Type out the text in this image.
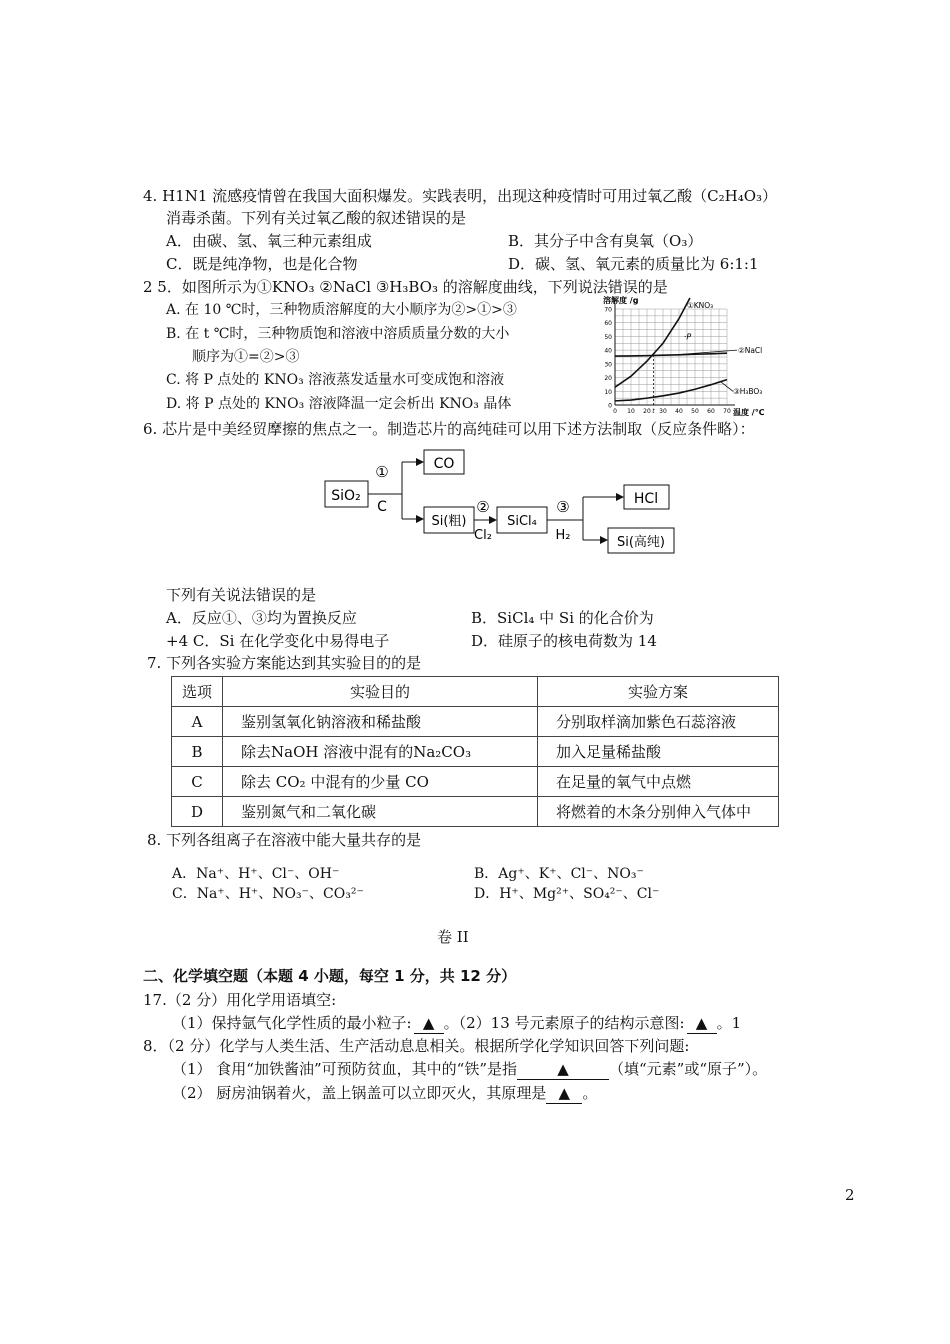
4. H1N1 流感疫情曾在我国大面积爆发。实践表明，出现这种疫情时可用过氧乙酸（C₂H₄O₃）
消毒杀菌。下列有关过氧乙酸的叙述错误的是
A．由碳、氢、氧三种元素组成	B．其分子中含有臭氧（O₃）
C．既是纯净物，也是化合物	D．碳、氢、氧元素的质量比为 6:1:1
2 5．如图所示为①KNO₃ ②NaCl ③H₃BO₃ 的溶解度曲线，下列说法错误的是
A. 在 10 ℃时，三种物质溶解度的大小顺序为②>①>③
B. 在 t ℃时，三种物质饱和溶液中溶质质量分数的大小
顺序为①=②>③
C. 将 P 点处的 KNO₃ 溶液蒸发适量水可变成饱和溶液
D. 将 P 点处的 KNO₃ 溶液降温一定会析出 KNO₃ 晶体	0
10
20
30
40
50
60
70
0 10 20 t 30 40 50 60 70
溶解度 /g
温度 /℃
①KNO₃
②NaCl
③H₃BO₃
·P
6. 芯片是中美经贸摩擦的焦点之一。制造芯片的高纯硅可以用下述方法制取（反应条件略）：
SiO₂
①
C
CO
Si(粗)
②
Cl₂
SiCl₄
③
H₂
HCl
Si(高纯)
下列有关说法错误的是
A．反应①、③均为置换反应	B．SiCl₄ 中 Si 的化合价为
+4 C．Si 在化学变化中易得电子	D．硅原子的核电荷数为 14
7. 下列各实验方案能达到其实验目的的是
选项	实验目的	实验方案
A	鉴别氢氧化钠溶液和稀盐酸	分别取样滴加紫色石蕊溶液
B	除去NaOH 溶液中混有的Na₂CO₃	加入足量稀盐酸
C	除去 CO₂ 中混有的少量 CO	在足量的氧气中点燃
D	鉴别氮气和二氧化碳	将燃着的木条分别伸入气体中
8. 下列各组离子在溶液中能大量共存的是
A．Na⁺、H⁺、Cl⁻、OH⁻	B．Ag⁺、K⁺、Cl⁻、NO₃⁻
C．Na⁺、H⁺、NO₃⁻、CO₃²⁻	D．H⁺、Mg²⁺、SO₄²⁻、Cl⁻
卷 II
二、化学填空题（本题 4 小题，每空 1 分，共 12 分）
17.（2 分）用化学用语填空:
（1）保持氩气化学性质的最小粒子: ▲ 。（2）13 号元素原子的结构示意图: ▲ 。1
8．（2 分）化学与人类生活、生产活动息息相关。根据所学化学知识回答下列问题:
（1） 食用“加铁酱油”可预防贫血，其中的“铁”是指	▲	（填“元素”或“原子”）。
（2） 厨房油锅着火，盖上锅盖可以立即灭火，其原理是 ▲ 。
2
